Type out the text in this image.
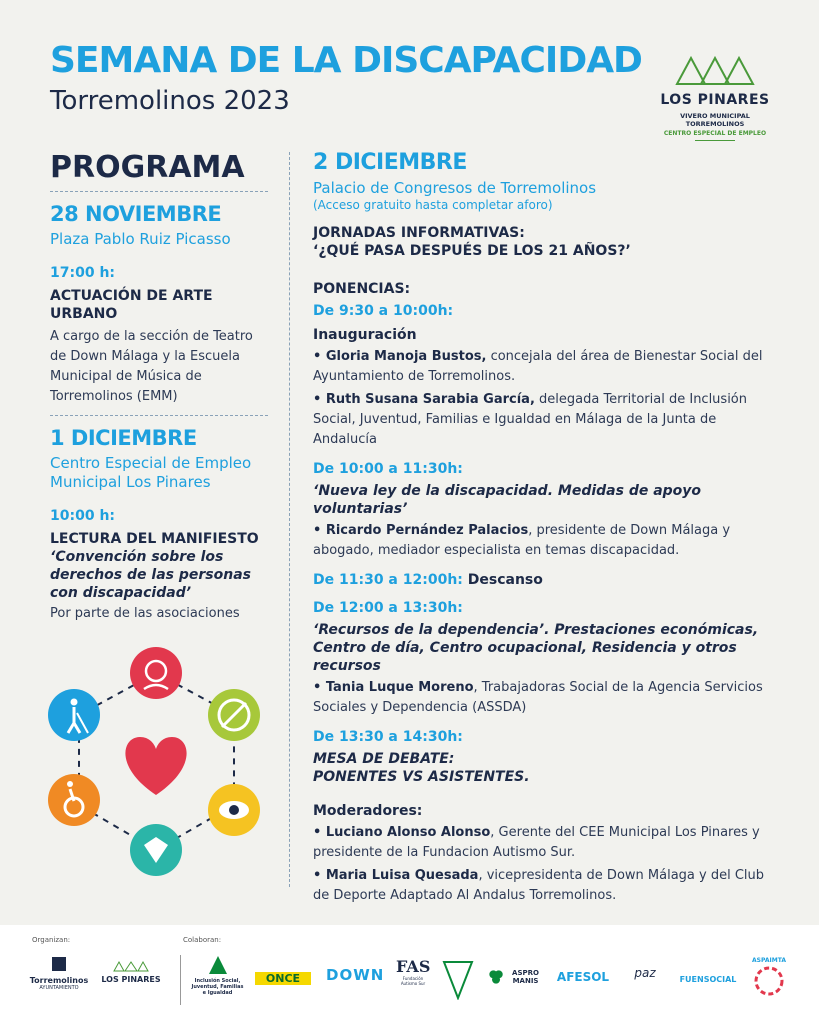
SEMANA DE LA DISCAPACIDAD
Torremolinos 2023	LOS PINARES
VIVERO MUNICIPAL TORREMOLINOS
CENTRO ESPECIAL DE EMPLEO
PROGRAMA
28 NOVIEMBRE
Plaza Pablo Ruiz Picasso
17:00 h:
ACTUACIÓN DE ARTE URBANO
A cargo de la sección de Teatro de Down Málaga y la Escuela Municipal de Música de Torremolinos (EMM)
1 DICIEMBRE
Centro Especial de Empleo Municipal Los Pinares
10:00 h:
LECTURA DEL MANIFIESTO
‘Convención sobre los derechos de las personas con discapacidad’
Por parte de las asociaciones
2 DICIEMBRE
Palacio de Congresos de Torremolinos
(Acceso gratuito hasta completar aforo)
JORNADAS INFORMATIVAS:
‘¿QUÉ PASA DESPUÉS DE LOS 21 AÑOS?’
PONENCIAS:
De 9:30 a 10:00h:
Inauguración
• Gloria Manoja Bustos, concejala del área de Bienestar Social del Ayuntamiento de Torremolinos.
• Ruth Susana Sarabia García, delegada Territorial de Inclusión Social, Juventud, Familias e Igualdad en Málaga de la Junta de Andalucía
De 10:00 a 11:30h:
‘Nueva ley de la discapacidad. Medidas de apoyo voluntarias’
• Ricardo Pernández Palacios, presidente de Down Málaga y abogado, mediador especialista en temas discapacidad.
De 11:30 a 12:00h: Descanso
De 12:00 a 13:30h:
‘Recursos de la dependencia’. Prestaciones económicas, Centro de día, Centro ocupacional, Residencia y otros recursos
• Tania Luque Moreno, Trabajadoras Social de la Agencia Servicios Sociales y Dependencia (ASSDA)
De 13:30 a 14:30h:
MESA DE DEBATE:
PONENTES VS ASISTENTES.
Moderadores:
• Luciano Alonso Alonso, Gerente del CEE Municipal Los Pinares y presidente de la Fundacion Autismo Sur.
• Maria Luisa Quesada, vicepresidenta de Down Málaga y del Club de Deporte Adaptado Al Andalus Torremolinos.
Organizan:	Colaboran:
Torremolinos
AYUNTAMIENTO
LOS PINARES	Inclusión Social, Juventud, Familias e Igualdad
ONCE	DOWN FAS
Fundación Autismo Sur
ASPRO MANIS	AFESOL	paz	FUENSOCIAL
ASPAIMTA
